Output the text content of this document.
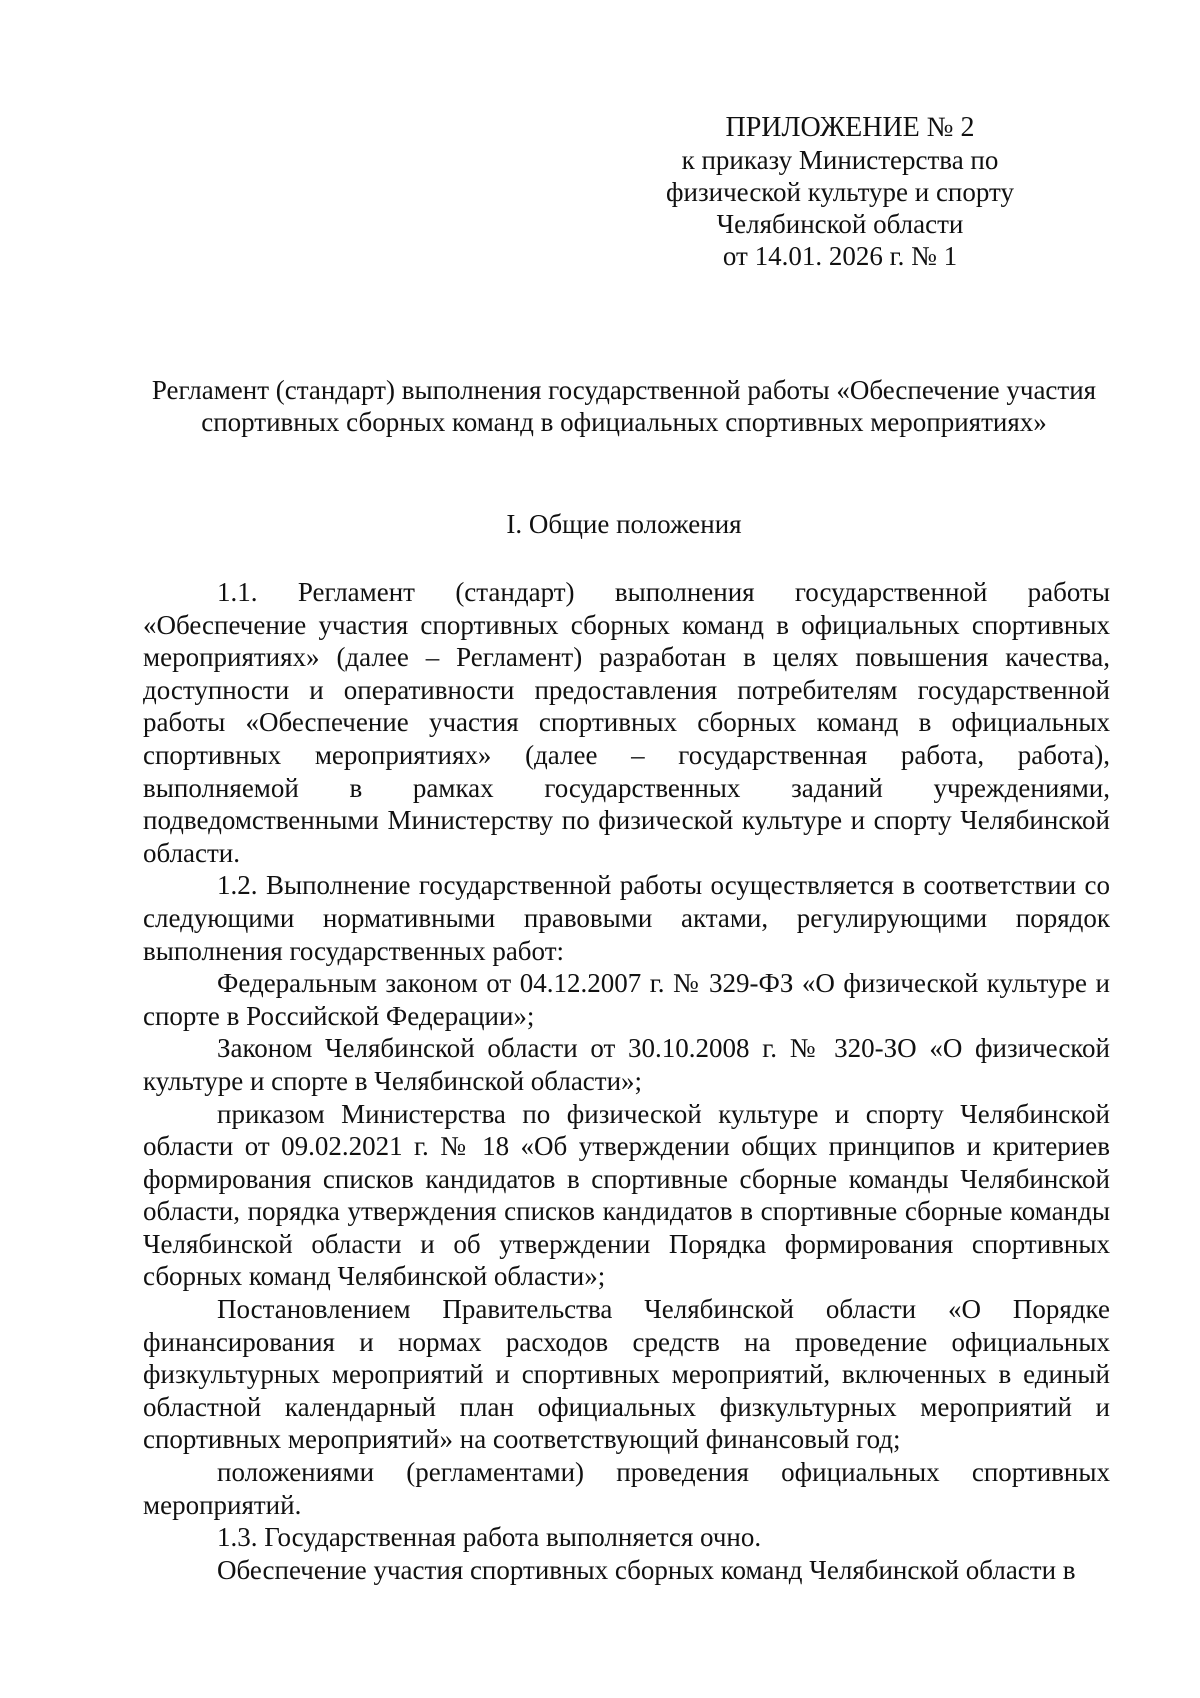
ПРИЛОЖЕНИЕ № 2
к приказу Министерства по
физической культуре и спорту
Челябинской области
от 14.01. 2026 г. № 1
Регламент (стандарт) выполнения государственной работы «Обеспечение участия спортивных сборных команд в официальных спортивных мероприятиях»
I. Общие положения

1.1. Регламент (стандарт) выполнения государственной работы «Обеспечение участия спортивных сборных команд в официальных спортивных мероприятиях» (далее – Регламент) разработан в целях повышения качества, доступности и оперативности предоставления потребителям государственной работы «Обеспечение участия спортивных сборных команд в официальных спортивных мероприятиях» (далее – государственная работа, работа), выполняемой в рамках государственных заданий учреждениями, подведомственными Министерству по физической культуре и спорту Челябинской области.

1.2. Выполнение государственной работы осуществляется в соответствии со следующими нормативными правовыми актами, регулирующими порядок выполнения государственных работ:

Федеральным законом от 04.12.2007 г. № 329-ФЗ «О физической культуре и спорте в Российской Федерации»;

Законом Челябинской области от 30.10.2008 г. № 320-ЗО «О физической культуре и спорте в Челябинской области»;

приказом Министерства по физической культуре и спорту Челябинской области от 09.02.2021 г. № 18 «Об утверждении общих принципов и критериев формирования списков кандидатов в спортивные сборные команды Челябинской области, порядка утверждения списков кандидатов в спортивные сборные команды Челябинской области и об утверждении Порядка формирования спортивных сборных команд Челябинской области»;

Постановлением Правительства Челябинской области «О Порядке финансирования и нормах расходов средств на проведение официальных физкультурных мероприятий и спортивных мероприятий, включенных в единый областной календарный план официальных физкультурных мероприятий и спортивных мероприятий» на соответствующий финансовый год;

положениями (регламентами) проведения официальных спортивных мероприятий.

1.3. Государственная работа выполняется очно.

Обеспечение участия спортивных сборных команд Челябинской области в
